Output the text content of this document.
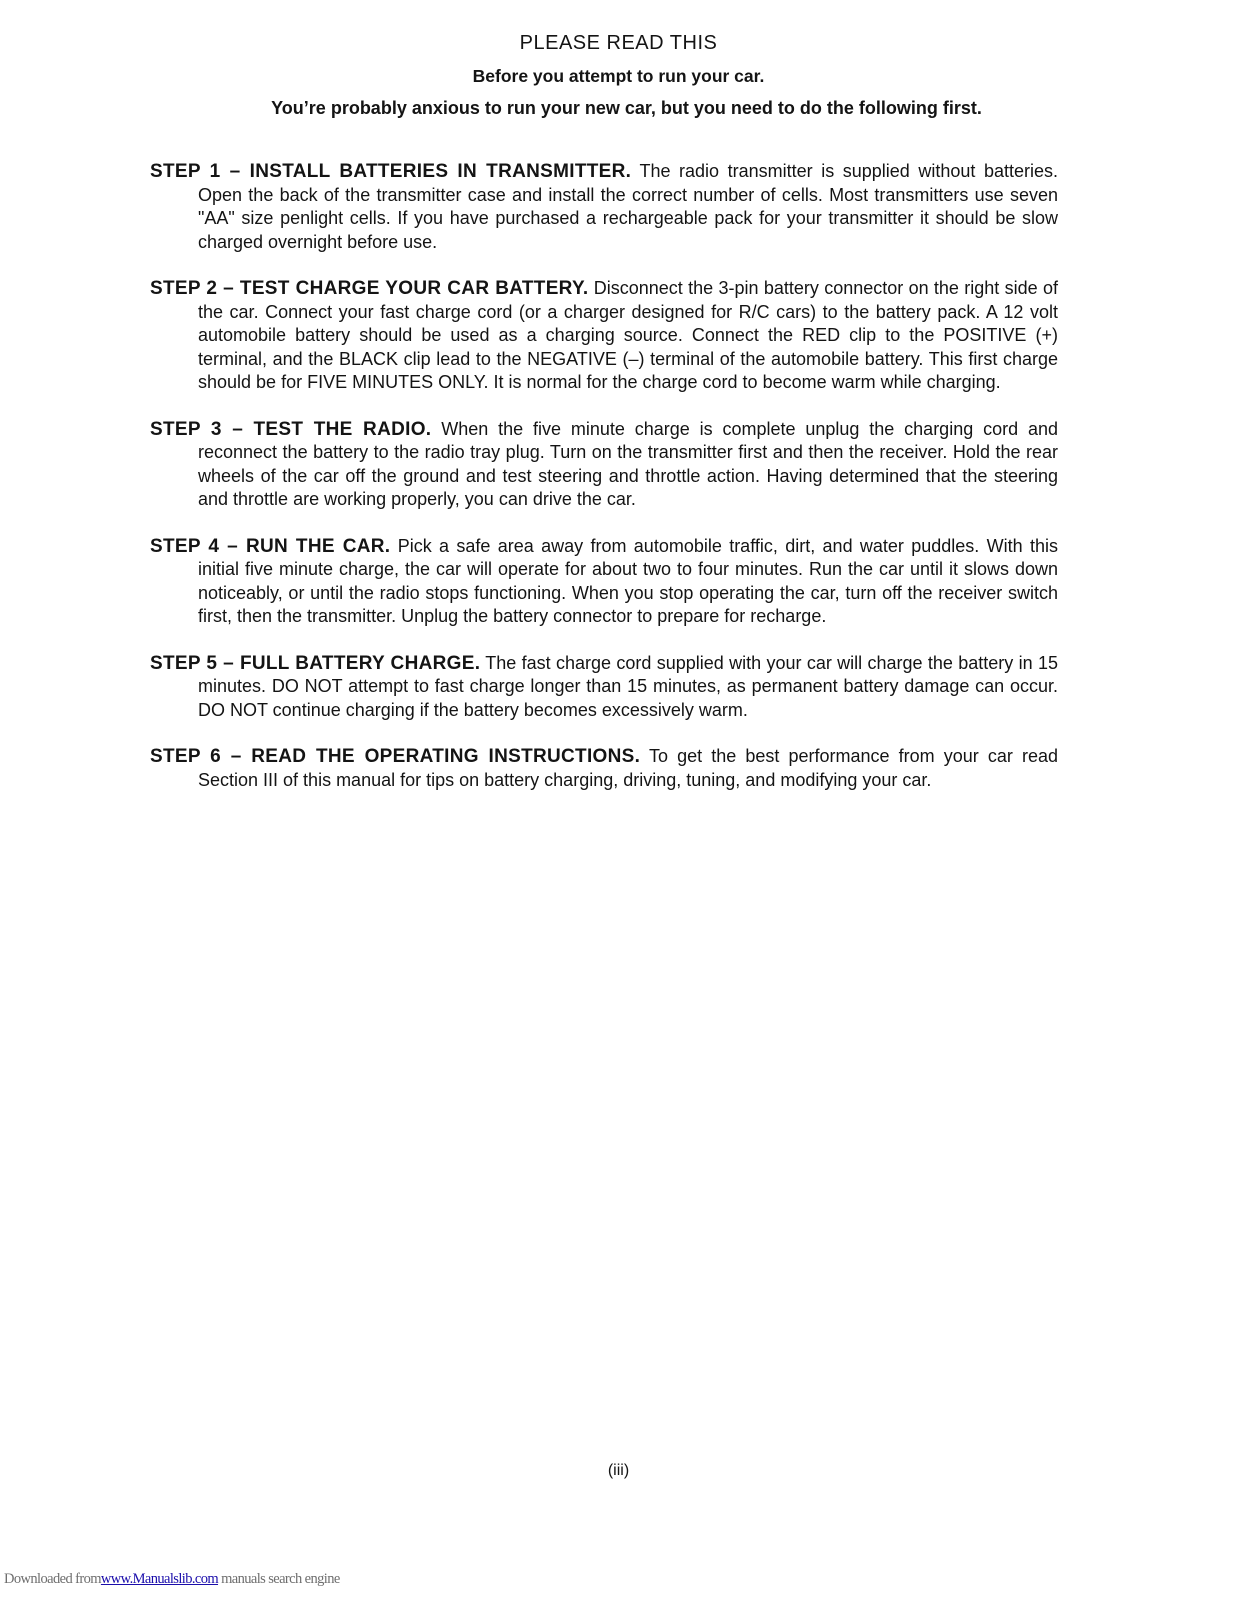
PLEASE READ THIS
Before you attempt to run your car.
You’re probably anxious to run your new car, but you need to do the following first.

STEP 1 – INSTALL BATTERIES IN TRANSMITTER. The radio transmitter is supplied without batteries. Open the back of the transmitter case and install the correct number of cells. Most transmitters use seven "AA" size penlight cells. If you have purchased a rechargeable pack for your transmitter it should be slow charged overnight before use.

STEP 2 – TEST CHARGE YOUR CAR BATTERY. Disconnect the 3-pin battery connector on the right side of the car. Connect your fast charge cord (or a charger designed for R/C cars) to the battery pack. A 12 volt automobile battery should be used as a charging source. Connect the RED clip to the POSITIVE (+) terminal, and the BLACK clip lead to the NEGATIVE (–) terminal of the automobile battery. This first charge should be for FIVE MINUTES ONLY. It is normal for the charge cord to become warm while charging.

STEP 3 – TEST THE RADIO. When the five minute charge is complete unplug the charging cord and reconnect the battery to the radio tray plug. Turn on the transmitter first and then the receiver. Hold the rear wheels of the car off the ground and test steering and throttle action. Having determined that the steering and throttle are working properly, you can drive the car.

STEP 4 – RUN THE CAR. Pick a safe area away from automobile traffic, dirt, and water puddles. With this initial five minute charge, the car will operate for about two to four minutes. Run the car until it slows down noticeably, or until the radio stops functioning. When you stop operating the car, turn off the receiver switch first, then the transmitter. Unplug the battery connector to prepare for recharge.

STEP 5 – FULL BATTERY CHARGE. The fast charge cord supplied with your car will charge the battery in 15 minutes. DO NOT attempt to fast charge longer than 15 minutes, as permanent battery damage can occur. DO NOT continue charging if the battery becomes excessively warm.

STEP 6 – READ THE OPERATING INSTRUCTIONS. To get the best performance from your car read Section III of this manual for tips on battery charging, driving, tuning, and modifying your car.

(iii)
Downloaded fromwww.Manualslib.com manuals search engine
